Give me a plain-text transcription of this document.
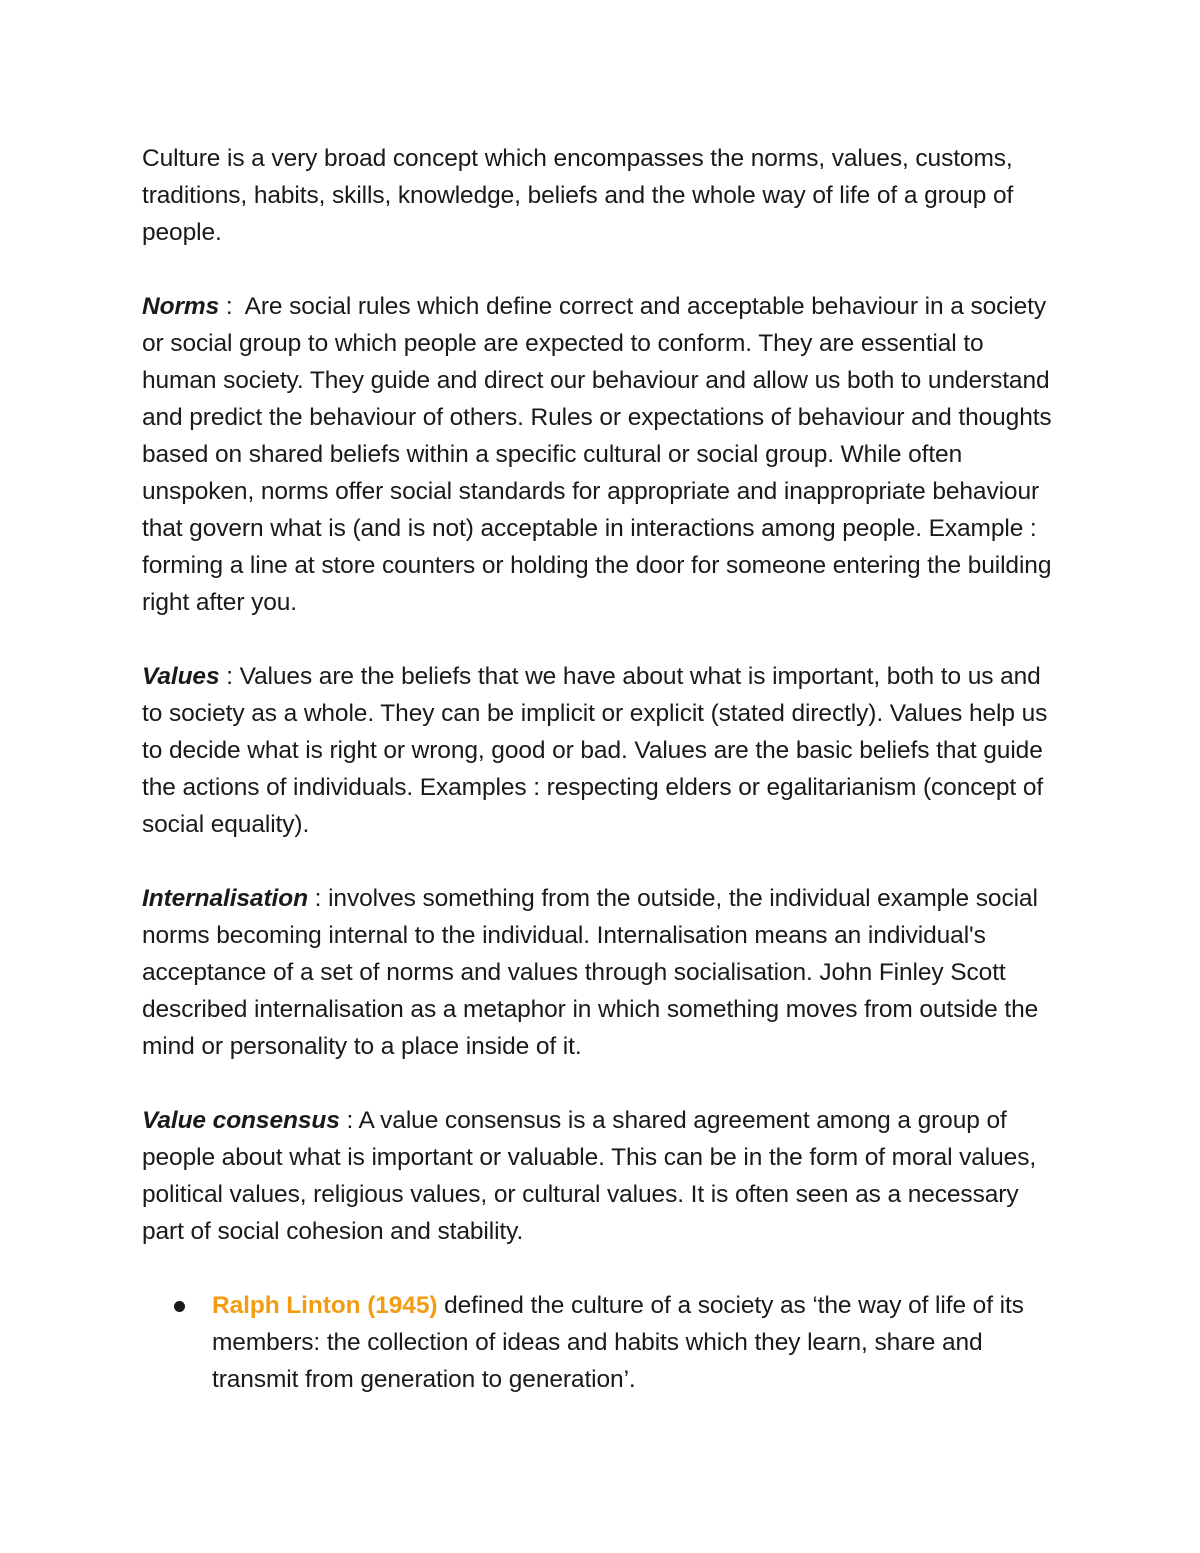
Culture is a very broad concept which encompasses the norms, values, customs, traditions, habits, skills, knowledge, beliefs and the whole way of life of a group of people.

Norms :  Are social rules which define correct and acceptable behaviour in a society or social group to which people are expected to conform. They are essential to human society. They guide and direct our behaviour and allow us both to understand and predict the behaviour of others. Rules or expectations of behaviour and thoughts based on shared beliefs within a specific cultural or social group. While often unspoken, norms offer social standards for appropriate and inappropriate behaviour that govern what is (and is not) acceptable in interactions among people. Example : forming a line at store counters or holding the door for someone entering the building right after you.

Values : Values are the beliefs that we have about what is important, both to us and to society as a whole. They can be implicit or explicit (stated directly). Values help us to decide what is right or wrong, good or bad. Values are the basic beliefs that guide the actions of individuals. Examples : respecting elders or egalitarianism (concept of social equality).

Internalisation : involves something from the outside, the individual example social norms becoming internal to the individual. Internalisation means an individual's acceptance of a set of norms and values through socialisation. John Finley Scott described internalisation as a metaphor in which something moves from outside the mind or personality to a place inside of it.

Value consensus : A value consensus is a shared agreement among a group of people about what is important or valuable. This can be in the form of moral values, political values, religious values, or cultural values. It is often seen as a necessary part of social cohesion and stability.

Ralph Linton (1945) defined the culture of a society as ‘the way of life of its members: the collection of ideas and habits which they learn, share and transmit from generation to generation’.
